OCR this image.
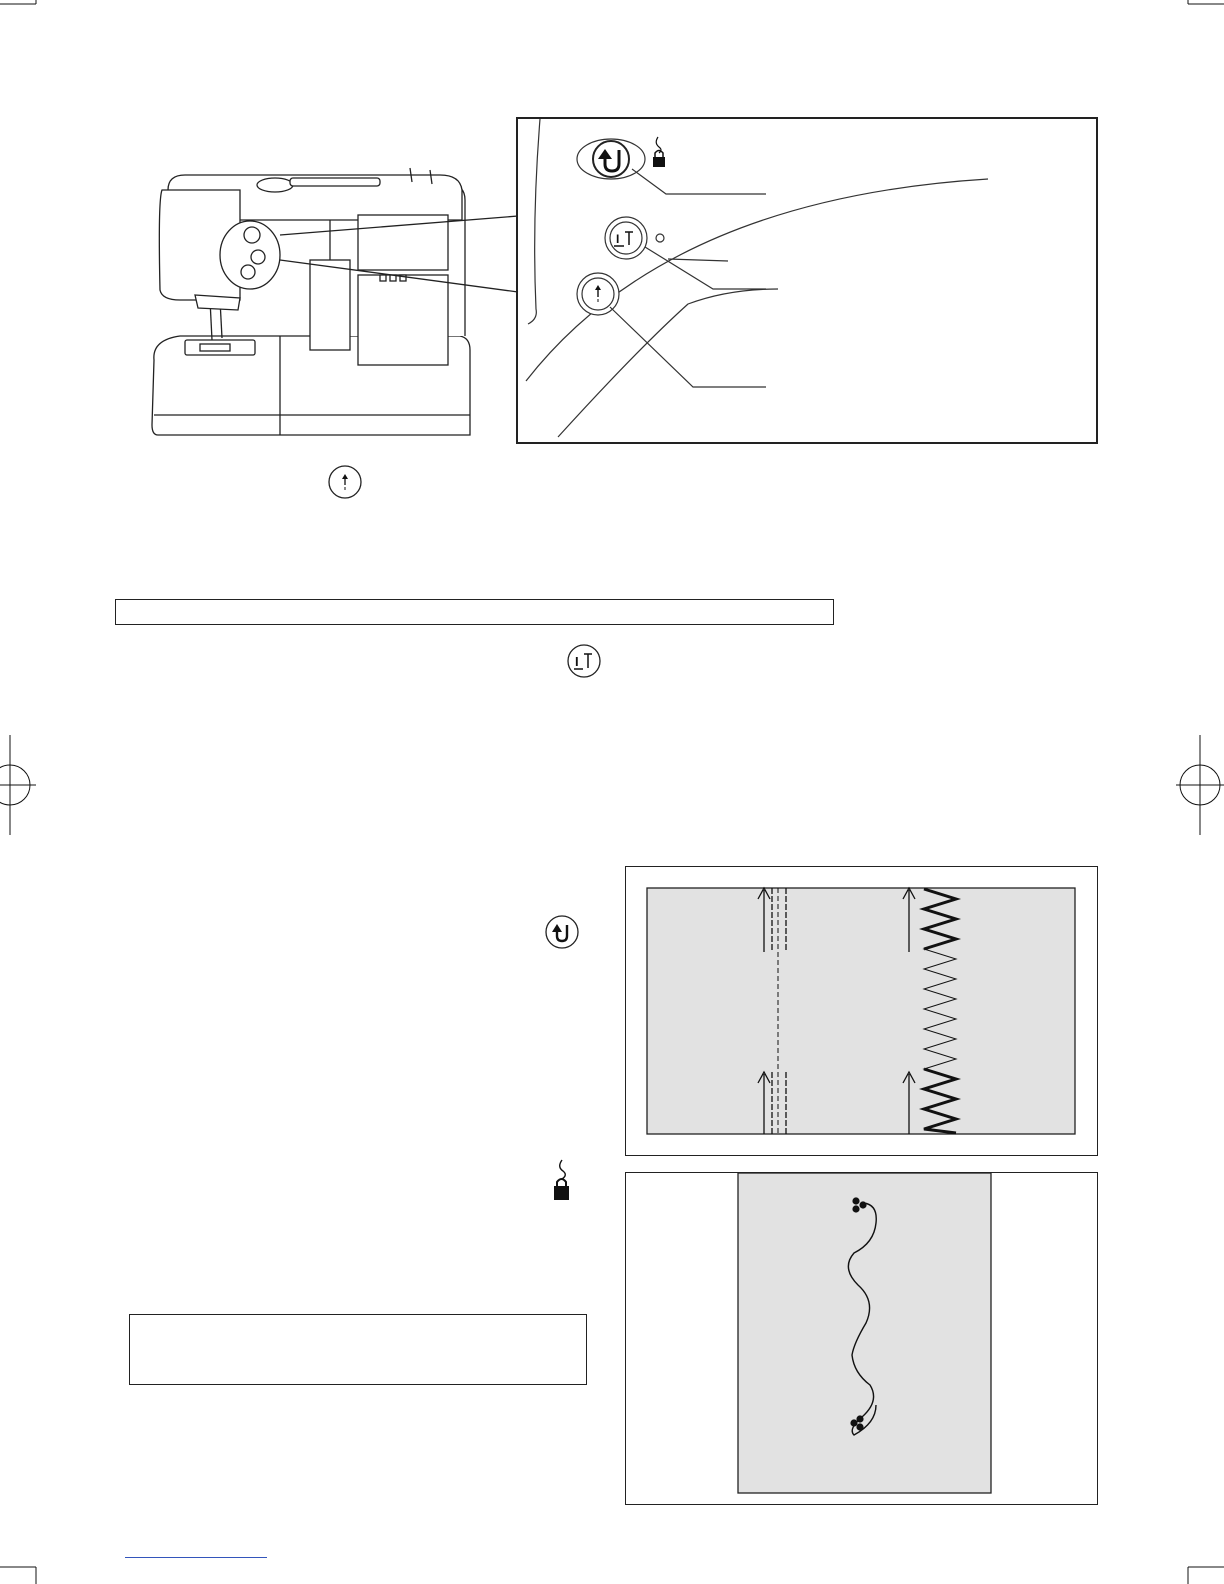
I
I
